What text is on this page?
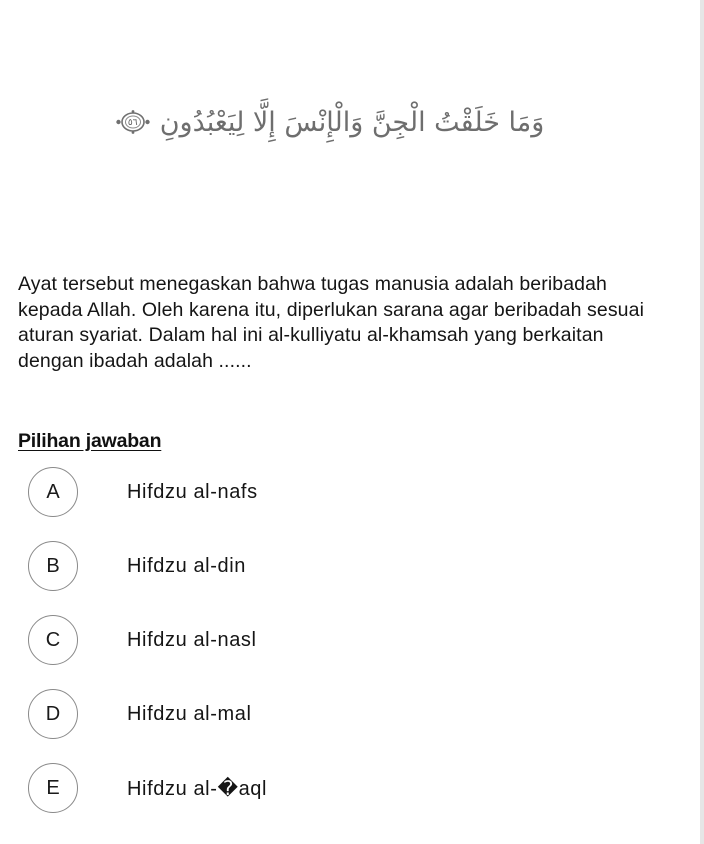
وَمَا خَلَقْتُ الْجِنَّ وَالْإِنْسَ إِلَّا لِيَعْبُدُونِ
٥٦
Ayat tersebut menegaskan bahwa tugas manusia adalah beribadah kepada Allah. Oleh karena itu, diperlukan sarana agar beribadah sesuai aturan syariat. Dalam hal ini al-kulliyatu al-khamsah yang berkaitan dengan ibadah adalah ......
Pilihan jawaban
A	Hifdzu al-nafs
B	Hifdzu al-din
C	Hifdzu al-nasl
D	Hifdzu al-mal
E	Hifdzu al-�aql
